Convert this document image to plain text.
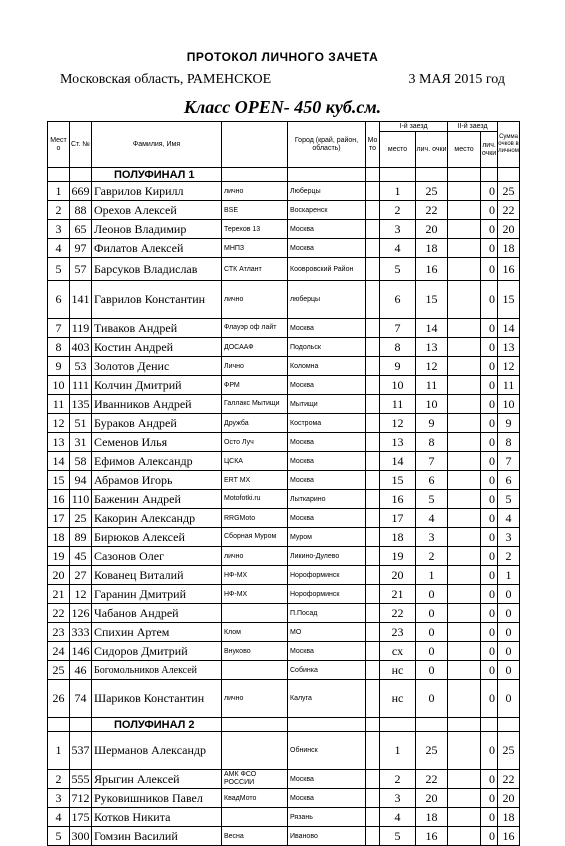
ПРОТОКОЛ ЛИЧНОГО ЗАЧЕТА
Московская область, РАМЕНСКОЕ	3 МАЯ 2015 год
Класс OPEN- 450 куб.см.
Мест о	Ст. №	Фамилия, Имя		Город (край, район, область)	Мо то	I-й заезд		II-й заезд		Сумма очков в личном
						место	лич. очки	место	лич. очки	
		ПОЛУФИНАЛ 1								
1	669	Гаврилов Кирилл	лично	Люберцы		1	25		0	25
2	88	Орехов Алексей	BSE	Воскаренск		2	22		0	22
3	65	Леонов Владимир	Терехов 13	Москва		3	20		0	20
4	97	Филатов Алексей	МНПЗ	Москва		4	18		0	18
5	57	Барсуков Владислав	СТК Атлант	Коовровский Район		5	16		0	16
6	141	Гаврилов Константин	лично	люберцы		6	15		0	15
7	119	Тиваков Андрей	Флауэр оф лайт	Москва		7	14		0	14
8	403	Костин Андрей	ДОСААФ	Подольск		8	13		0	13
9	53	Золотов Денис	Лично	Коломна		9	12		0	12
10	111	Колчин Дмитрий	ФРМ	Москва		10	11		0	11
11	135	Иванников Андрей	Галлакс Мытищи	Мытищи		11	10		0	10
12	51	Бураков Андрей	Дружба	Кострома		12	9		0	9
13	31	Семенов Илья	Осто Луч	Москва		13	8		0	8
14	58	Ефимов Александр	ЦСКА	Москва		14	7		0	7
15	94	Абрамов Игорь	ERT MX	Москва		15	6		0	6
16	110	Баженин Андрей	Motofotki.ru	Лыткарино		16	5		0	5
17	25	Какорин Александр	RRGMoto	Москва		17	4		0	4
18	89	Бирюков Алексей	Сборная Муром	Муром		18	3		0	3
19	45	Сазонов Олег	лично	Ликино-Дулево		19	2		0	2
20	27	Кованец Виталий	НФ-МХ	Нороформинск		20	1		0	1
21	12	Гаранин Дмитрий	НФ-МХ	Нороформинск		21	0		0	0
22	126	Чабанов Андрей		П.Посад		22	0		0	0
23	333	Спихин Артем	Клом	МО		23	0		0	0
24	146	Сидоров Дмитрий	Внуково	Москва		сх	0		0	0
25	46	Богомольников Алексей		Собинка		нс	0		0	0
26	74	Шариков Константин	лично	Калуга		нс	0		0	0
		ПОЛУФИНАЛ 2								
1	537	Шерманов Александр		Обнинск		1	25		0	25
2	555	Ярыгин Алексей	АМК ФСО РОССИИ	Москва		2	22		0	22
3	712	Руковишников Павел	КвадМото	Москва		3	20		0	20
4	175	Котков Никита		Рязань		4	18		0	18
5	300	Гомзин Василий	Весна	Иваново		5	16		0	16
